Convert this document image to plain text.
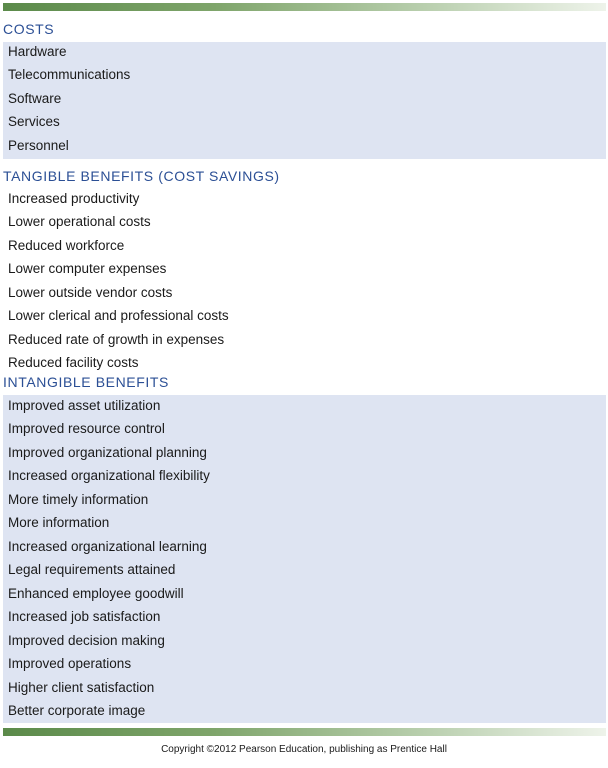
COSTS
Hardware
Telecommunications
Software
Services
Personnel
TANGIBLE BENEFITS (COST SAVINGS)
Increased productivity
Lower operational costs
Reduced workforce
Lower computer expenses
Lower outside vendor costs
Lower clerical and professional costs
Reduced rate of growth in expenses
Reduced facility costs
INTANGIBLE BENEFITS
Improved asset utilization
Improved resource control
Improved organizational planning
Increased organizational flexibility
More timely information
More information
Increased organizational learning
Legal requirements attained
Enhanced employee goodwill
Increased job satisfaction
Improved decision making
Improved operations
Higher client satisfaction
Better corporate image
Copyright ©2012 Pearson Education, publishing as Prentice Hall
